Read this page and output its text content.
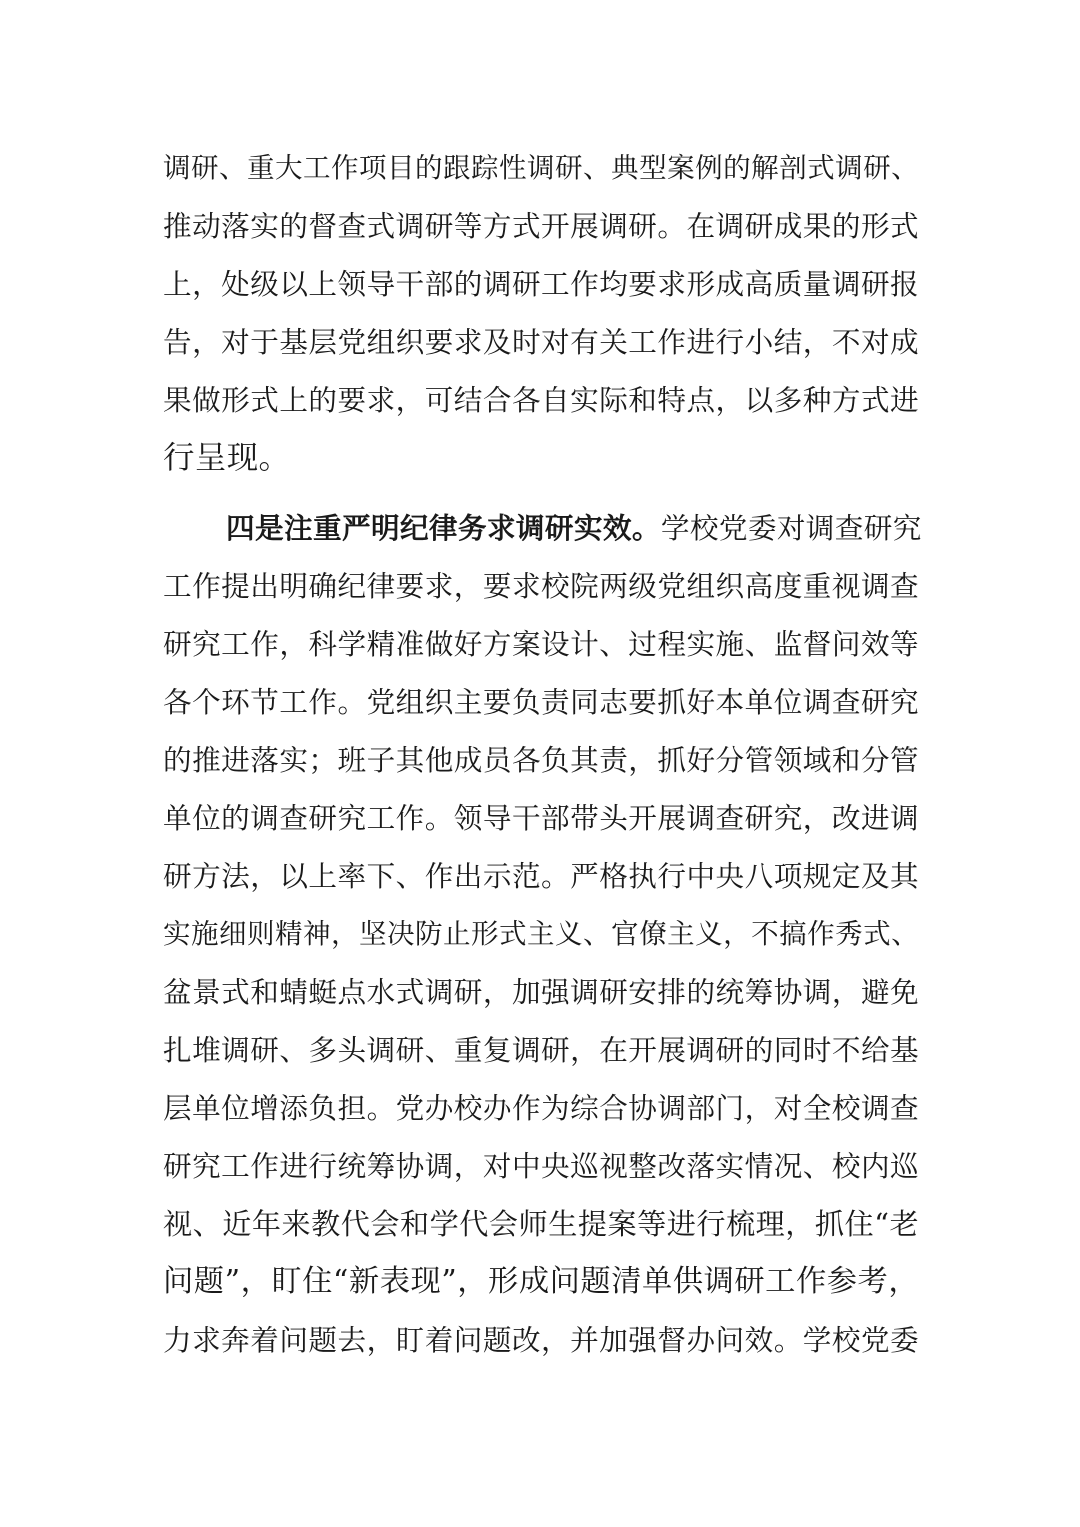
调研、重大工作项目的跟踪性调研、典型案例的解剖式调研、
推动落实的督查式调研等方式开展调研。在调研成果的形式
上，处级以上领导干部的调研工作均要求形成高质量调研报
告，对于基层党组织要求及时对有关工作进行小结，不对成
果做形式上的要求，可结合各自实际和特点，以多种方式进
行呈现。
四是注重严明纪律务求调研实效。学校党委对调查研究
工作提出明确纪律要求，要求校院两级党组织高度重视调查
研究工作，科学精准做好方案设计、过程实施、监督问效等
各个环节工作。党组织主要负责同志要抓好本单位调查研究
的推进落实；班子其他成员各负其责，抓好分管领域和分管
单位的调查研究工作。领导干部带头开展调查研究，改进调
研方法，以上率下、作出示范。严格执行中央八项规定及其
实施细则精神，坚决防止形式主义、官僚主义，不搞作秀式、
盆景式和蜻蜓点水式调研，加强调研安排的统筹协调，避免
扎堆调研、多头调研、重复调研，在开展调研的同时不给基
层单位增添负担。党办校办作为综合协调部门，对全校调查
研究工作进行统筹协调，对中央巡视整改落实情况、校内巡
视、近年来教代会和学代会师生提案等进行梳理，抓住“老
问题”，盯住“新表现”，形成问题清单供调研工作参考，
力求奔着问题去，盯着问题改，并加强督办问效。学校党委
